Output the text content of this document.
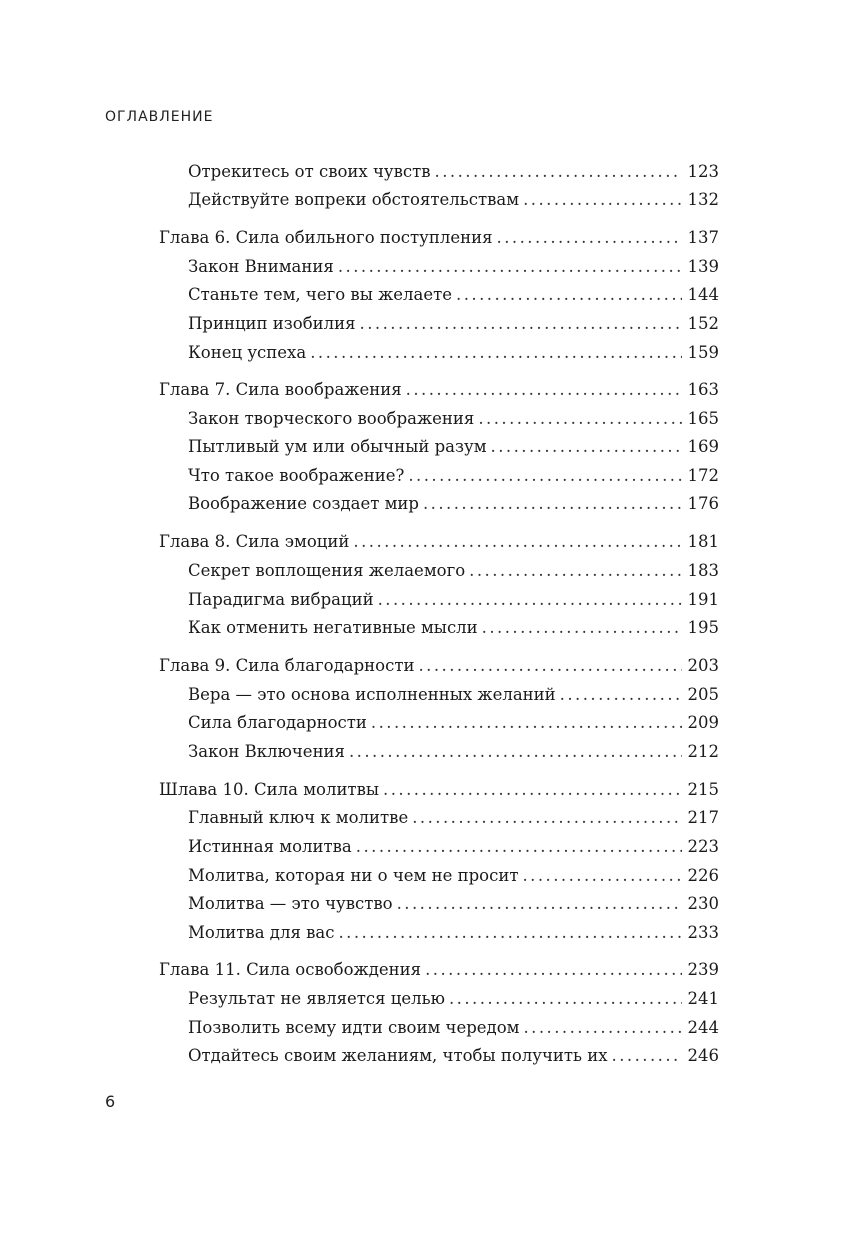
ОГЛАВЛЕНИЕ
Отрекитесь от своих чувств . . .	123
Действуйте вопреки обстоятельствам . . .	132
Глава 6. Сила обильного поступления . . .	137
Закон Внимания . . .	139
Станьте тем, чего вы желаете . . .	144
Принцип изобилия . . .	152
Конец успеха . . .	159
Глава 7. Сила воображения . . .	163
Закон творческого воображения . . .	165
Пытливый ум или обычный разум . . .	169
Что такое воображение? . . .	172
Воображение создает мир . . .	176
Глава 8. Сила эмоций . . .	181
Секрет воплощения желаемого . . .	183
Парадигма вибраций . . .	191
Как отменить негативные мысли . . .	195
Глава 9. Сила благодарности . . .	203
Вера — это основа исполненных желаний . . .	205
Сила благодарности . . .	209
Закон Включения . . .	212
Шлава 10. Сила молитвы . . .	215
Главный ключ к молитве . . .	217
Истинная молитва . . .	223
Молитва, которая ни о чем не просит . . .	226
Молитва — это чувство . . .	230
Молитва для вас . . .	233
Глава 11. Сила освобождения . . .	239
Результат не является целью . . .	241
Позволить всему идти своим чередом . . .	244
Отдайтесь своим желаниям, чтобы получить их . . .	246
6
